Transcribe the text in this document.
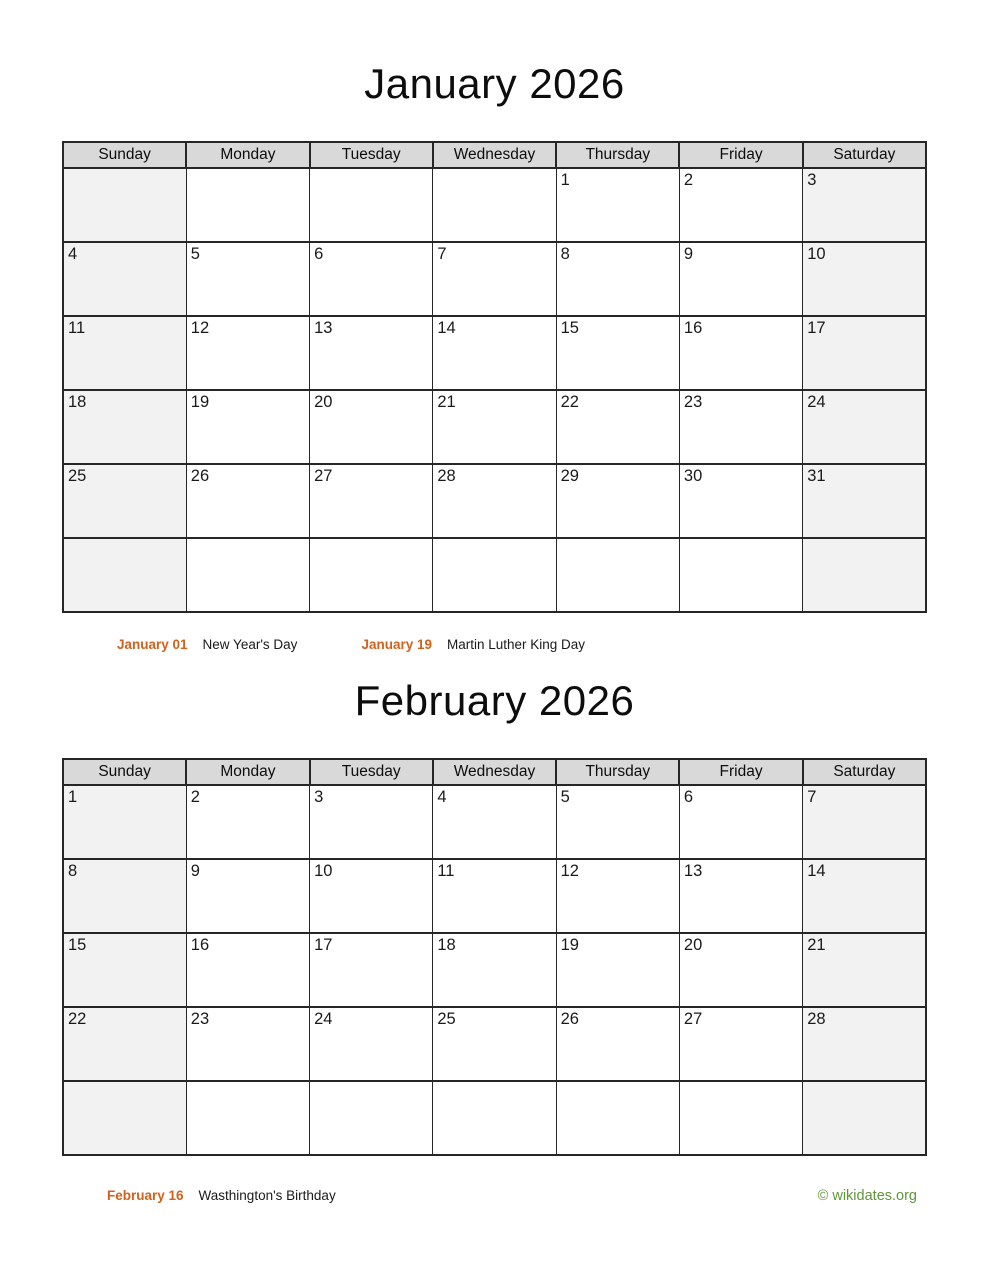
January 2026
Sunday	Monday	Tuesday	Wednesday	Thursday	Friday	Saturday
				1	2	3
4	5	6	7	8	9	10
11	12	13	14	15	16	17
18	19	20	21	22	23	24
25	26	27	28	29	30	31

January 01 New Year's Day	January 19 Martin Luther King Day
February 2026
Sunday	Monday	Tuesday	Wednesday	Thursday	Friday	Saturday
1	2	3	4	5	6	7
8	9	10	11	12	13	14
15	16	17	18	19	20	21
22	23	24	25	26	27	28

February 16 Wasthington's Birthday	© wikidates.org
